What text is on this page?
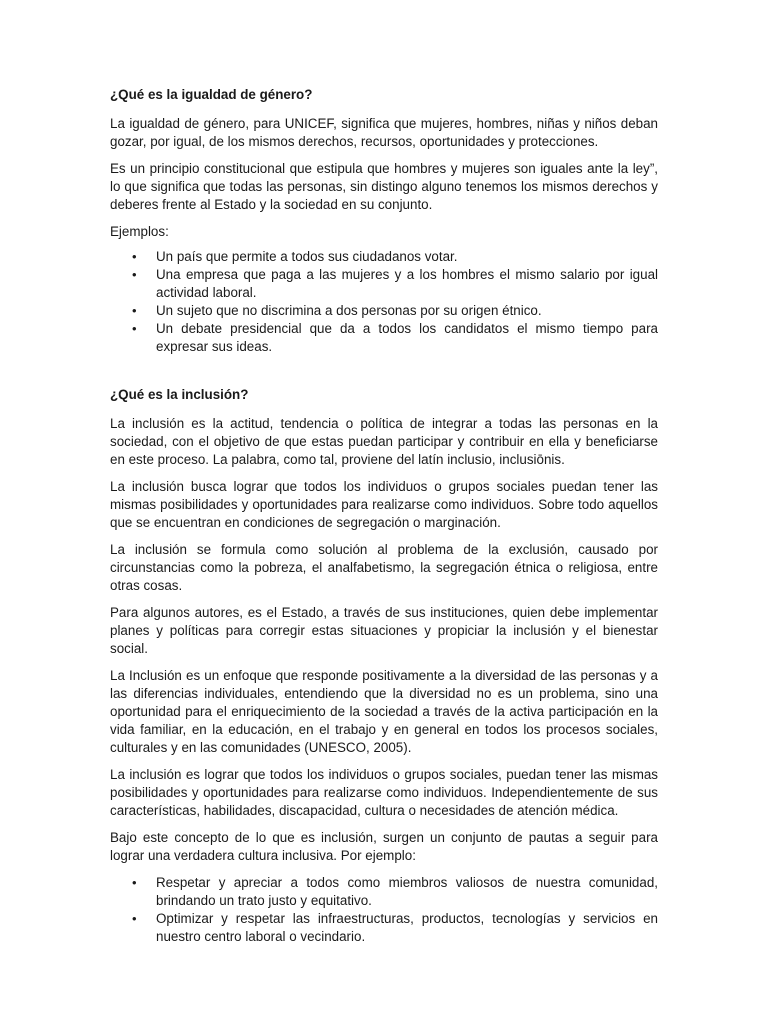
¿Qué es la igualdad de género?

La igualdad de género, para UNICEF, significa que mujeres, hombres, niñas y niños deban gozar, por igual, de los mismos derechos, recursos, oportunidades y protecciones.

Es un principio constitucional que estipula que hombres y mujeres son iguales ante la ley”, lo que significa que todas las personas, sin distingo alguno tenemos los mismos derechos y deberes frente al Estado y la sociedad en su conjunto.

Ejemplos:

• Un país que permite a todos sus ciudadanos votar.
• Una empresa que paga a las mujeres y a los hombres el mismo salario por igual actividad laboral.
• Un sujeto que no discrimina a dos personas por su origen étnico.
• Un debate presidencial que da a todos los candidatos el mismo tiempo para expresar sus ideas.
¿Qué es la inclusión?

La inclusión es la actitud, tendencia o política de integrar a todas las personas en la sociedad, con el objetivo de que estas puedan participar y contribuir en ella y beneficiarse en este proceso. La palabra, como tal, proviene del latín inclusio, inclusiōnis.

La inclusión busca lograr que todos los individuos o grupos sociales puedan tener las mismas posibilidades y oportunidades para realizarse como individuos. Sobre todo aquellos que se encuentran en condiciones de segregación o marginación.

La inclusión se formula como solución al problema de la exclusión, causado por circunstancias como la pobreza, el analfabetismo, la segregación étnica o religiosa, entre otras cosas.

Para algunos autores, es el Estado, a través de sus instituciones, quien debe implementar planes y políticas para corregir estas situaciones y propiciar la inclusión y el bienestar social.

La Inclusión es un enfoque que responde positivamente a la diversidad de las personas y a las diferencias individuales, entendiendo que la diversidad no es un problema, sino una oportunidad para el enriquecimiento de la sociedad a través de la activa participación en la vida familiar, en la educación, en el trabajo y en general en todos los procesos sociales, culturales y en las comunidades (UNESCO, 2005).

La inclusión es lograr que todos los individuos o grupos sociales, puedan tener las mismas posibilidades y oportunidades para realizarse como individuos. Independientemente de sus características, habilidades, discapacidad, cultura o necesidades de atención médica.

Bajo este concepto de lo que es inclusión, surgen un conjunto de pautas a seguir para lograr una verdadera cultura inclusiva. Por ejemplo:

• Respetar y apreciar a todos como miembros valiosos de nuestra comunidad, brindando un trato justo y equitativo.
• Optimizar y respetar las infraestructuras, productos, tecnologías y servicios en nuestro centro laboral o vecindario.
